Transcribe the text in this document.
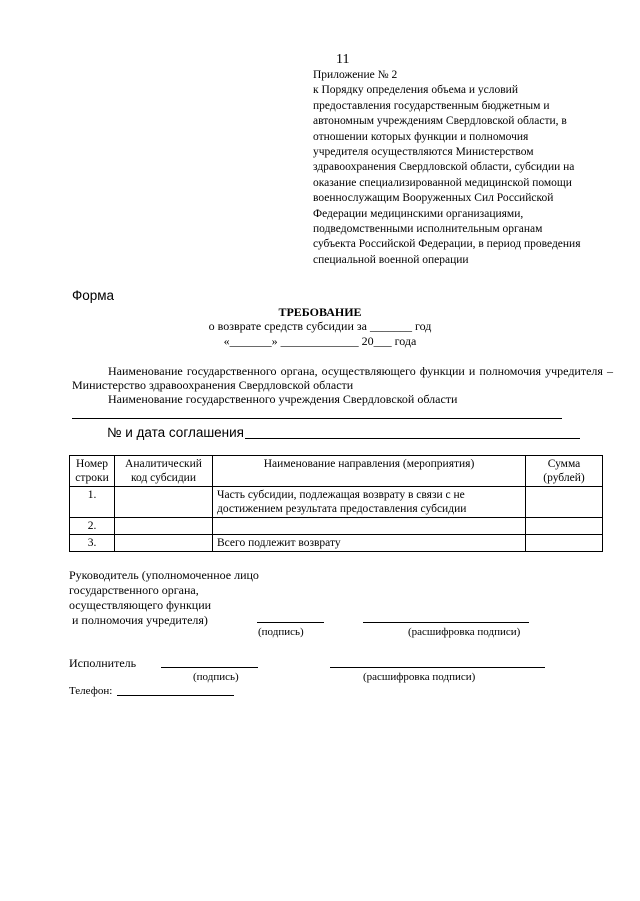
11
Приложение № 2
к Порядку определения объема и условий
предоставления государственным бюджетным и
автономным учреждениям Свердловской области, в
отношении которых функции и полномочия
учредителя осуществляются Министерством
здравоохранения Свердловской области, субсидии на
оказание специализированной медицинской помощи
военнослужащим Вооруженных Сил Российской
Федерации медицинскими организациями,
подведомственными исполнительным органам
субъекта Российской Федерации, в период проведения
специальной военной операции
Форма
ТРЕБОВАНИЕ
о возврате средств субсидии за _______ год
«_______» _____________ 20___ года
Наименование государственного органа, осуществляющего функции и полномочия учредителя – Министерство здравоохранения Свердловской области
Наименование государственного учреждения Свердловской области
№ и дата соглашения
Номер строки	Аналитический код субсидии	Наименование направления (мероприятия)	Сумма (рублей)
1.		Часть субсидии, подлежащая возврату в связи с не достижением результата предоставления субсидии	
2.			
3.		Всего подлежит возврату	
Руководитель (уполномоченное лицо
государственного органа,
осуществляющего функции
и полномочия учредителя)
(подпись)	(расшифровка подписи)
Исполнитель
(подпись)	(расшифровка подписи)
Телефон:
